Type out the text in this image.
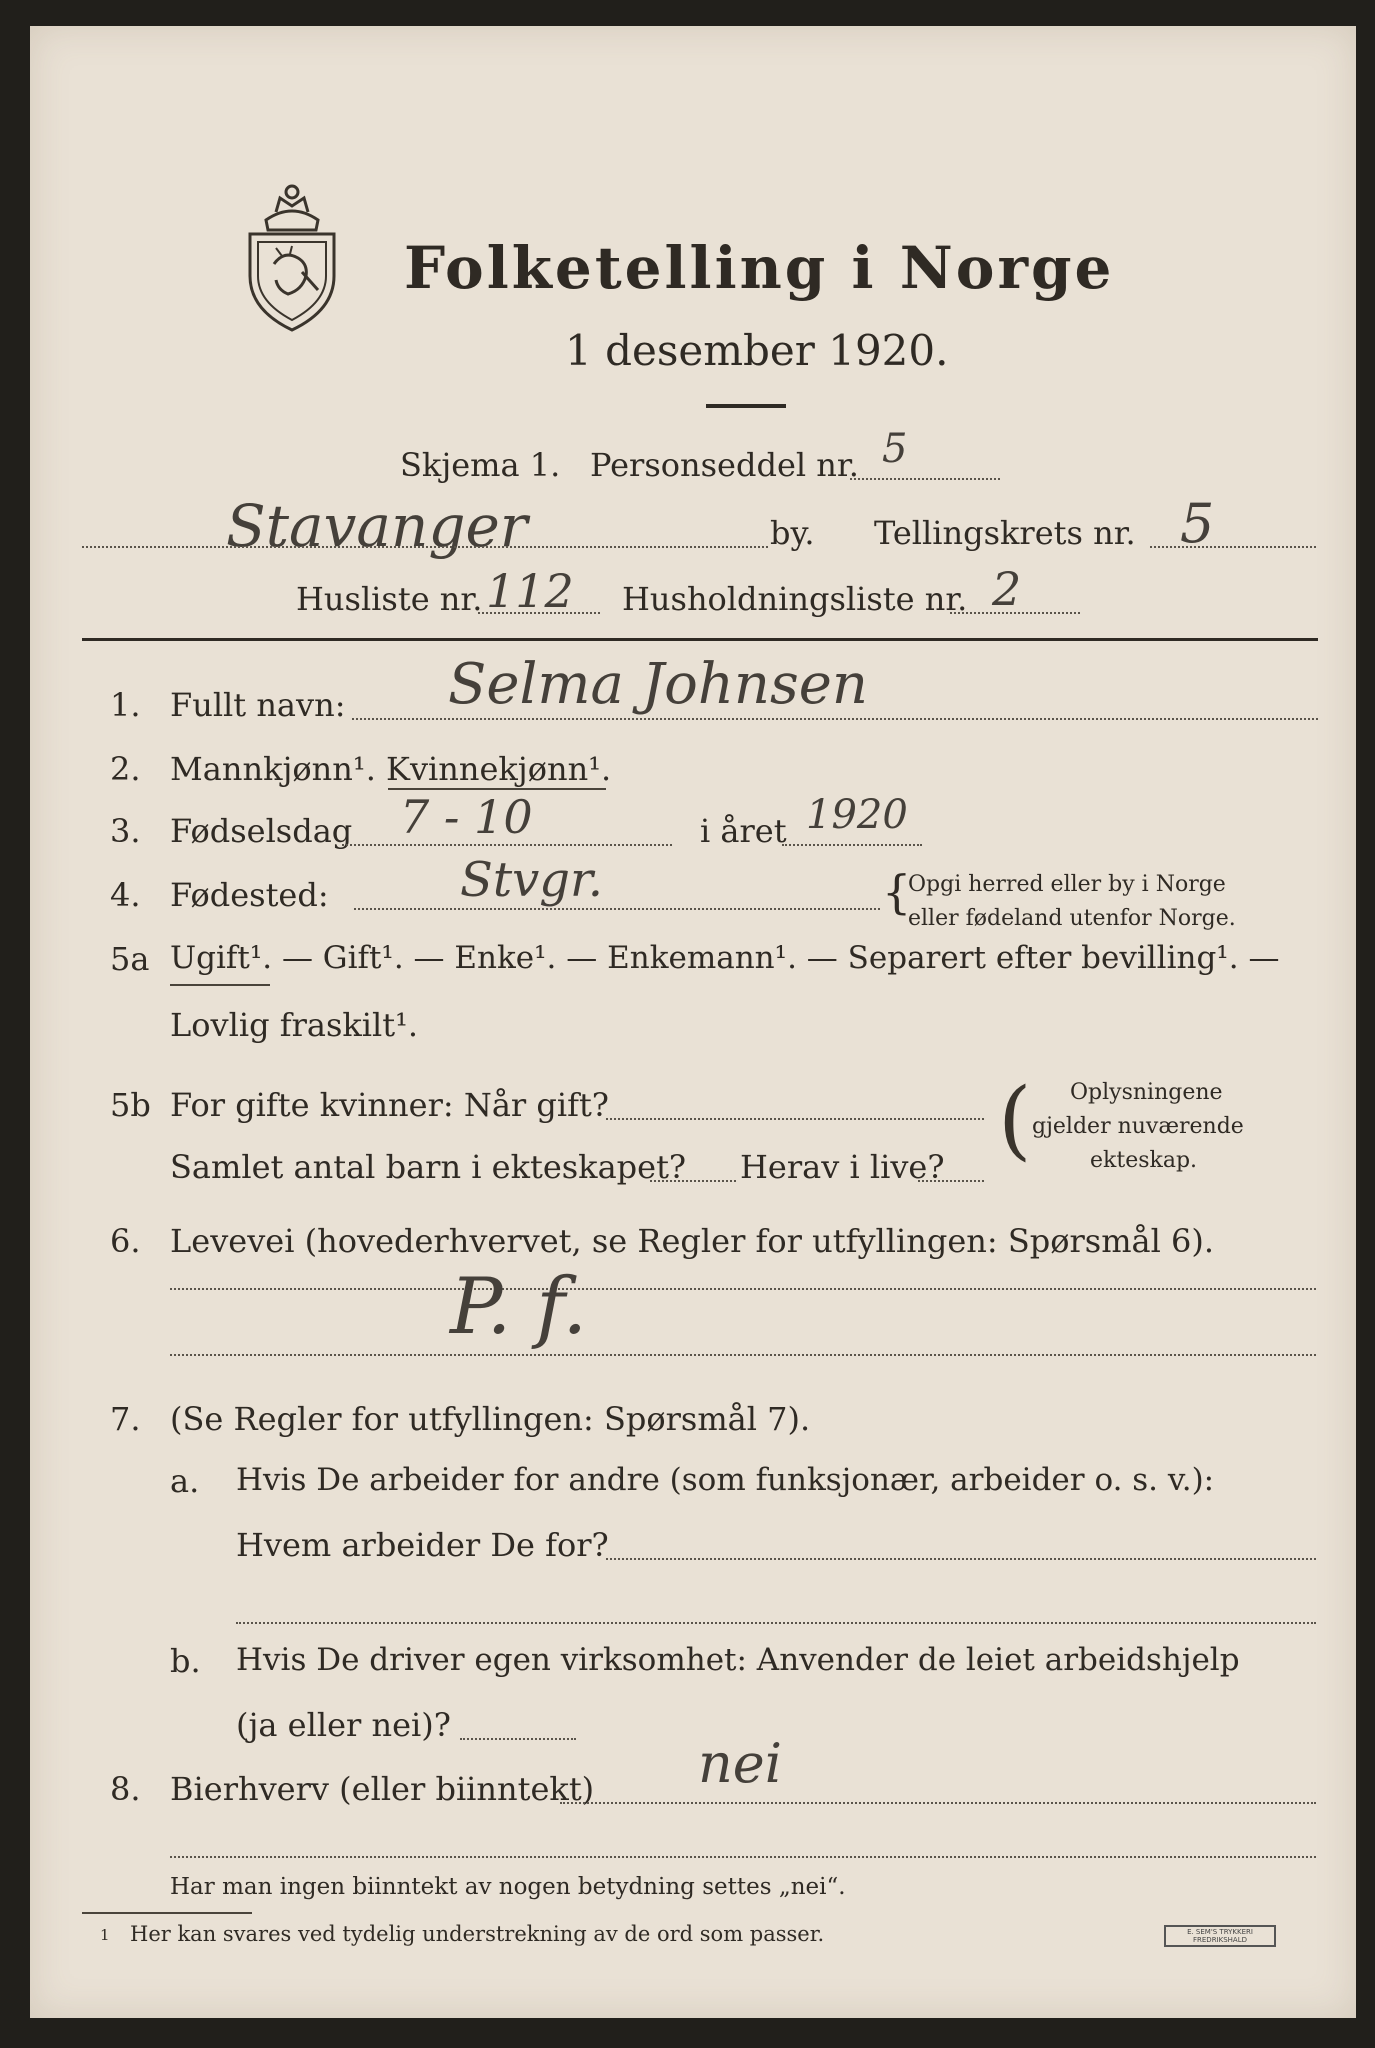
Folketelling i Norge
1 desember 1920.
Skjema 1. Personseddel nr. 5
Stavanger	by. Tellingskrets nr. 5
Husliste nr. 112 Husholdningsliste nr. 2
1. Fullt navn: Selma Johnsen
2. Mannkjønn¹. Kvinnekjønn¹.
3. Fødselsdag 7 - 10	i året 1920
4. Fødested:	Stvgr.	{
Opgi herred eller by i Norge
eller fødeland utenfor Norge.
5a Ugift¹. — Gift¹. — Enke¹. — Enkemann¹. — Separert efter bevilling¹. —
Lovlig fraskilt¹.
5b For gifte kvinner: Når gift?
Samlet antal barn i ekteskapet? Herav i live? ( Oplysningene
gjelder nuværende
ekteskap.
6. Levevei (hovederhvervet, se Regler for utfyllingen: Spørsmål 6).
P. f.
7. (Se Regler for utfyllingen: Spørsmål 7).
a. Hvis De arbeider for andre (som funksjonær, arbeider o. s. v.):
Hvem arbeider De for?
b. Hvis De driver egen virksomhet: Anvender de leiet arbeidshjelp
(ja eller nei)?
8. Bierhverv (eller biinntekt) nei
Har man ingen biinntekt av nogen betydning settes „nei“.
1 Her kan svares ved tydelig understrekning av de ord som passer.	E. SEM'S TRYKKERI
FREDRIKSHALD
